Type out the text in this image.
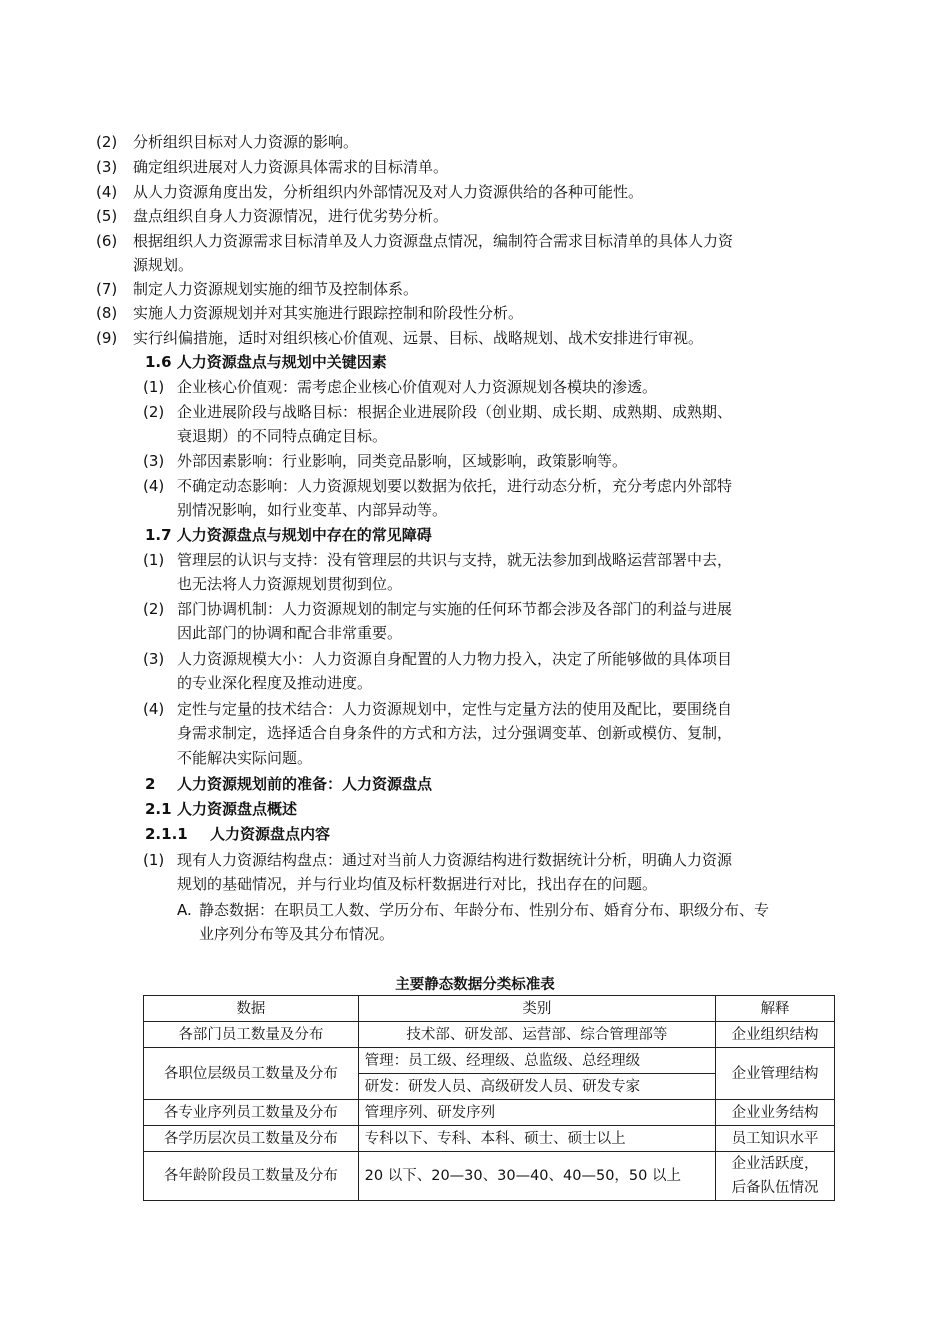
(2) 分析组织目标对人力资源的影响。
(3) 确定组织进展对人力资源具体需求的目标清单。
(4) 从人力资源角度出发，分析组织内外部情况及对人力资源供给的各种可能性。
(5) 盘点组织自身人力资源情况，进行优劣势分析。
(6) 根据组织人力资源需求目标清单及人力资源盘点情况，编制符合需求目标清单的具体人力资
源规划。
(7) 制定人力资源规划实施的细节及控制体系。
(8) 实施人力资源规划并对其实施进行跟踪控制和阶段性分析。
(9) 实行纠偏措施，适时对组织核心价值观、远景、目标、战略规划、战术安排进行审视。
1.6 人力资源盘点与规划中关键因素
(1) 企业核心价值观：需考虑企业核心价值观对人力资源规划各模块的渗透。
(2) 企业进展阶段与战略目标：根据企业进展阶段（创业期、成长期、成熟期、成熟期、
衰退期）的不同特点确定目标。
(3) 外部因素影响：行业影响，同类竞品影响，区域影响，政策影响等。
(4) 不确定动态影响：人力资源规划要以数据为依托，进行动态分析，充分考虑内外部特
别情况影响，如行业变革、内部异动等。
1.7 人力资源盘点与规划中存在的常见障碍
(1) 管理层的认识与支持：没有管理层的共识与支持，就无法参加到战略运营部署中去，
也无法将人力资源规划贯彻到位。
(2) 部门协调机制：人力资源规划的制定与实施的任何环节都会涉及各部门的利益与进展
因此部门的协调和配合非常重要。
(3) 人力资源规模大小：人力资源自身配置的人力物力投入，决定了所能够做的具体项目
的专业深化程度及推动进度。
(4) 定性与定量的技术结合：人力资源规划中，定性与定量方法的使用及配比，要围绕自
身需求制定，选择适合自身条件的方式和方法，过分强调变革、创新或模仿、复制，
不能解决实际问题。
2 人力资源规划前的准备：人力资源盘点
2.1 人力资源盘点概述
2.1.1 人力资源盘点内容
(1) 现有人力资源结构盘点：通过对当前人力资源结构进行数据统计分析，明确人力资源
规划的基础情况，并与行业均值及标杆数据进行对比，找出存在的问题。
A. 静态数据：在职员工人数、学历分布、年龄分布、性别分布、婚育分布、职级分布、专
业序列分布等及其分布情况。
主要静态数据分类标准表
数据	类别	解释
各部门员工数量及分布	技术部、研发部、运营部、综合管理部等	企业组织结构
各职位层级员工数量及分布	管理：员工级、经理级、总监级、总经理级	企业管理结构
	研发：研发人员、高级研发人员、研发专家	
各专业序列员工数量及分布	管理序列、研发序列	企业业务结构
各学历层次员工数量及分布	专科以下、专科、本科、硕士、硕士以上	员工知识水平
各年龄阶段员工数量及分布	20 以下、20—30、30—40、40—50，50 以上	企业活跃度，
后备队伍情况
